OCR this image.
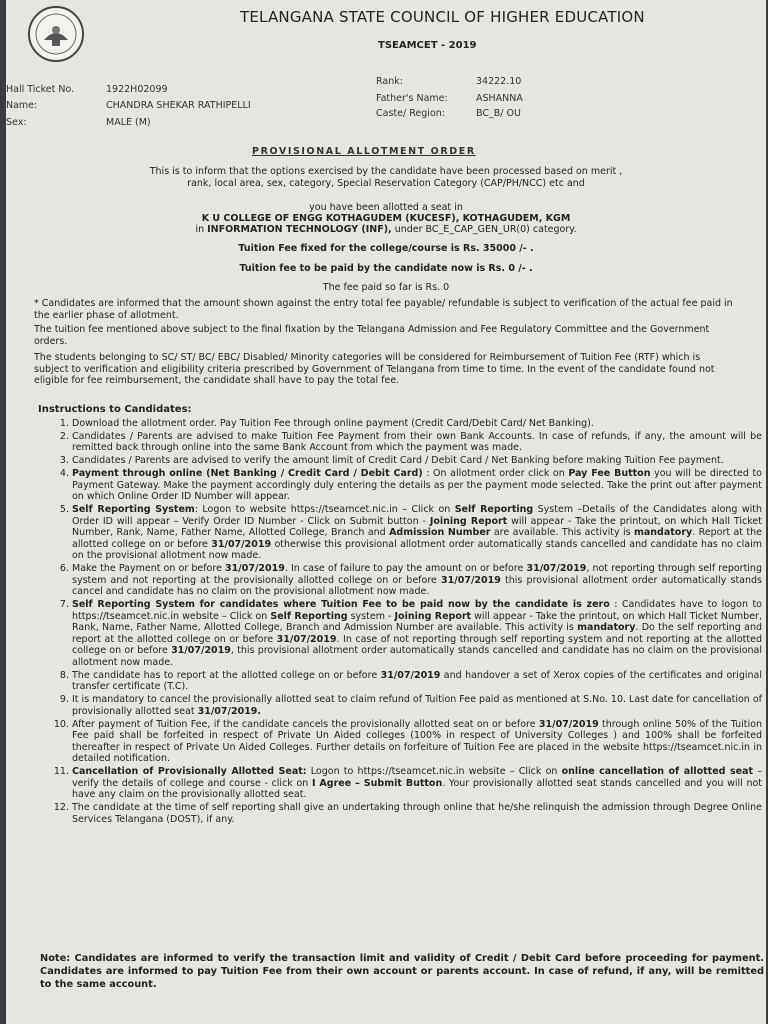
TELANGANA STATE COUNCIL OF HIGHER EDUCATION
TSEAMCET - 2019
Hall Ticket No.	1922H02099
Name:	CHANDRA SHEKAR RATHIPELLI
Sex:	MALE (M)
Rank:	34222.10
Father's Name:	ASHANNA
Caste/ Region:	BC_B/ OU
PROVISIONAL ALLOTMENT ORDER
This is to inform that the options exercised by the candidate have been processed based on merit ,
rank, local area, sex, category, Special Reservation Category (CAP/PH/NCC) etc and
you have been allotted a seat in
K U COLLEGE OF ENGG KOTHAGUDEM (KUCESF), KOTHAGUDEM, KGM
in INFORMATION TECHNOLOGY (INF), under BC_E_CAP_GEN_UR(0) category.
Tuition Fee fixed for the college/course is Rs. 35000 /- .
Tuition fee to be paid by the candidate now is Rs. 0 /- .
The fee paid so far is Rs. 0
* Candidates are informed that the amount shown against the entry total fee payable/ refundable is subject to verification of the actual fee paid in the earlier phase of allotment.
The tuition fee mentioned above subject to the final fixation by the Telangana Admission and Fee Regulatory Committee and the Government orders.
The students belonging to SC/ ST/ BC/ EBC/ Disabled/ Minority categories will be considered for Reimbursement of Tuition Fee (RTF) which is subject to verification and eligibility criteria prescribed by Government of Telangana from time to time. In the event of the candidate found not eligible for fee reimbursement, the candidate shall have to pay the total fee.
Instructions to Candidates:
1. Download the allotment order. Pay Tuition Fee through online payment (Credit Card/Debit Card/ Net Banking).
2. Candidates / Parents are advised to make Tuition Fee Payment from their own Bank Accounts. In case of refunds, if any, the amount will be remitted back through online into the same Bank Account from which the payment was made.
3. Candidates / Parents are advised to verify the amount limit of Credit Card / Debit Card / Net Banking before making Tuition Fee payment.
4. Payment through online (Net Banking / Credit Card / Debit Card) : On allotment order click on Pay Fee Button you will be directed to Payment Gateway. Make the payment accordingly duly entering the details as per the payment mode selected. Take the print out after payment on which Online Order ID Number will appear.
5. Self Reporting System: Logon to website https://tseamcet.nic.in – Click on Self Reporting System –Details of the Candidates along with Order ID will appear – Verify Order ID Number - Click on Submit button - Joining Report will appear - Take the printout, on which Hall Ticket Number, Rank, Name, Father Name, Allotted College, Branch and Admission Number are available. This activity is mandatory. Report at the allotted college on or before 31/07/2019 otherwise this provisional allotment order automatically stands cancelled and candidate has no claim on the provisional allotment now made.
6. Make the Payment on or before 31/07/2019. In case of failure to pay the amount on or before 31/07/2019, not reporting through self reporting system and not reporting at the provisionally allotted college on or before 31/07/2019 this provisional allotment order automatically stands cancel and candidate has no claim on the provisional allotment now made.
7. Self Reporting System for candidates where Tuition Fee to be paid now by the candidate is zero : Candidates have to logon to https://tseamcet.nic.in website – Click on Self Reporting system - Joining Report will appear - Take the printout, on which Hall Ticket Number, Rank, Name, Father Name, Allotted College, Branch and Admission Number are available. This activity is mandatory. Do the self reporting and report at the allotted college on or before 31/07/2019. In case of not reporting through self reporting system and not reporting at the allotted college on or before 31/07/2019, this provisional allotment order automatically stands cancelled and candidate has no claim on the provisional allotment now made.
8. The candidate has to report at the allotted college on or before 31/07/2019 and handover a set of Xerox copies of the certificates and original transfer certificate (T.C).
9. It is mandatory to cancel the provisionally allotted seat to claim refund of Tuition Fee paid as mentioned at S.No. 10. Last date for cancellation of provisionally allotted seat 31/07/2019.
10. After payment of Tuition Fee, if the candidate cancels the provisionally allotted seat on or before 31/07/2019 through online 50% of the Tuition Fee paid shall be forfeited in respect of Private Un Aided colleges (100% in respect of University Colleges ) and 100% shall be forfeited thereafter in respect of Private Un Aided Colleges. Further details on forfeiture of Tuition Fee are placed in the website https://tseamcet.nic.in in detailed notification.
11. Cancellation of Provisionally Allotted Seat: Logon to https://tseamcet.nic.in website – Click on online cancellation of allotted seat – verify the details of college and course - click on I Agree – Submit Button. Your provisionally allotted seat stands cancelled and you will not have any claim on the provisionally allotted seat.
12. The candidate at the time of self reporting shall give an undertaking through online that he/she relinquish the admission through Degree Online Services Telangana (DOST), if any.
Note: Candidates are informed to verify the transaction limit and validity of Credit / Debit Card before proceeding for payment. Candidates are informed to pay Tuition Fee from their own account or parents account. In case of refund, if any, will be remitted to the same account.
